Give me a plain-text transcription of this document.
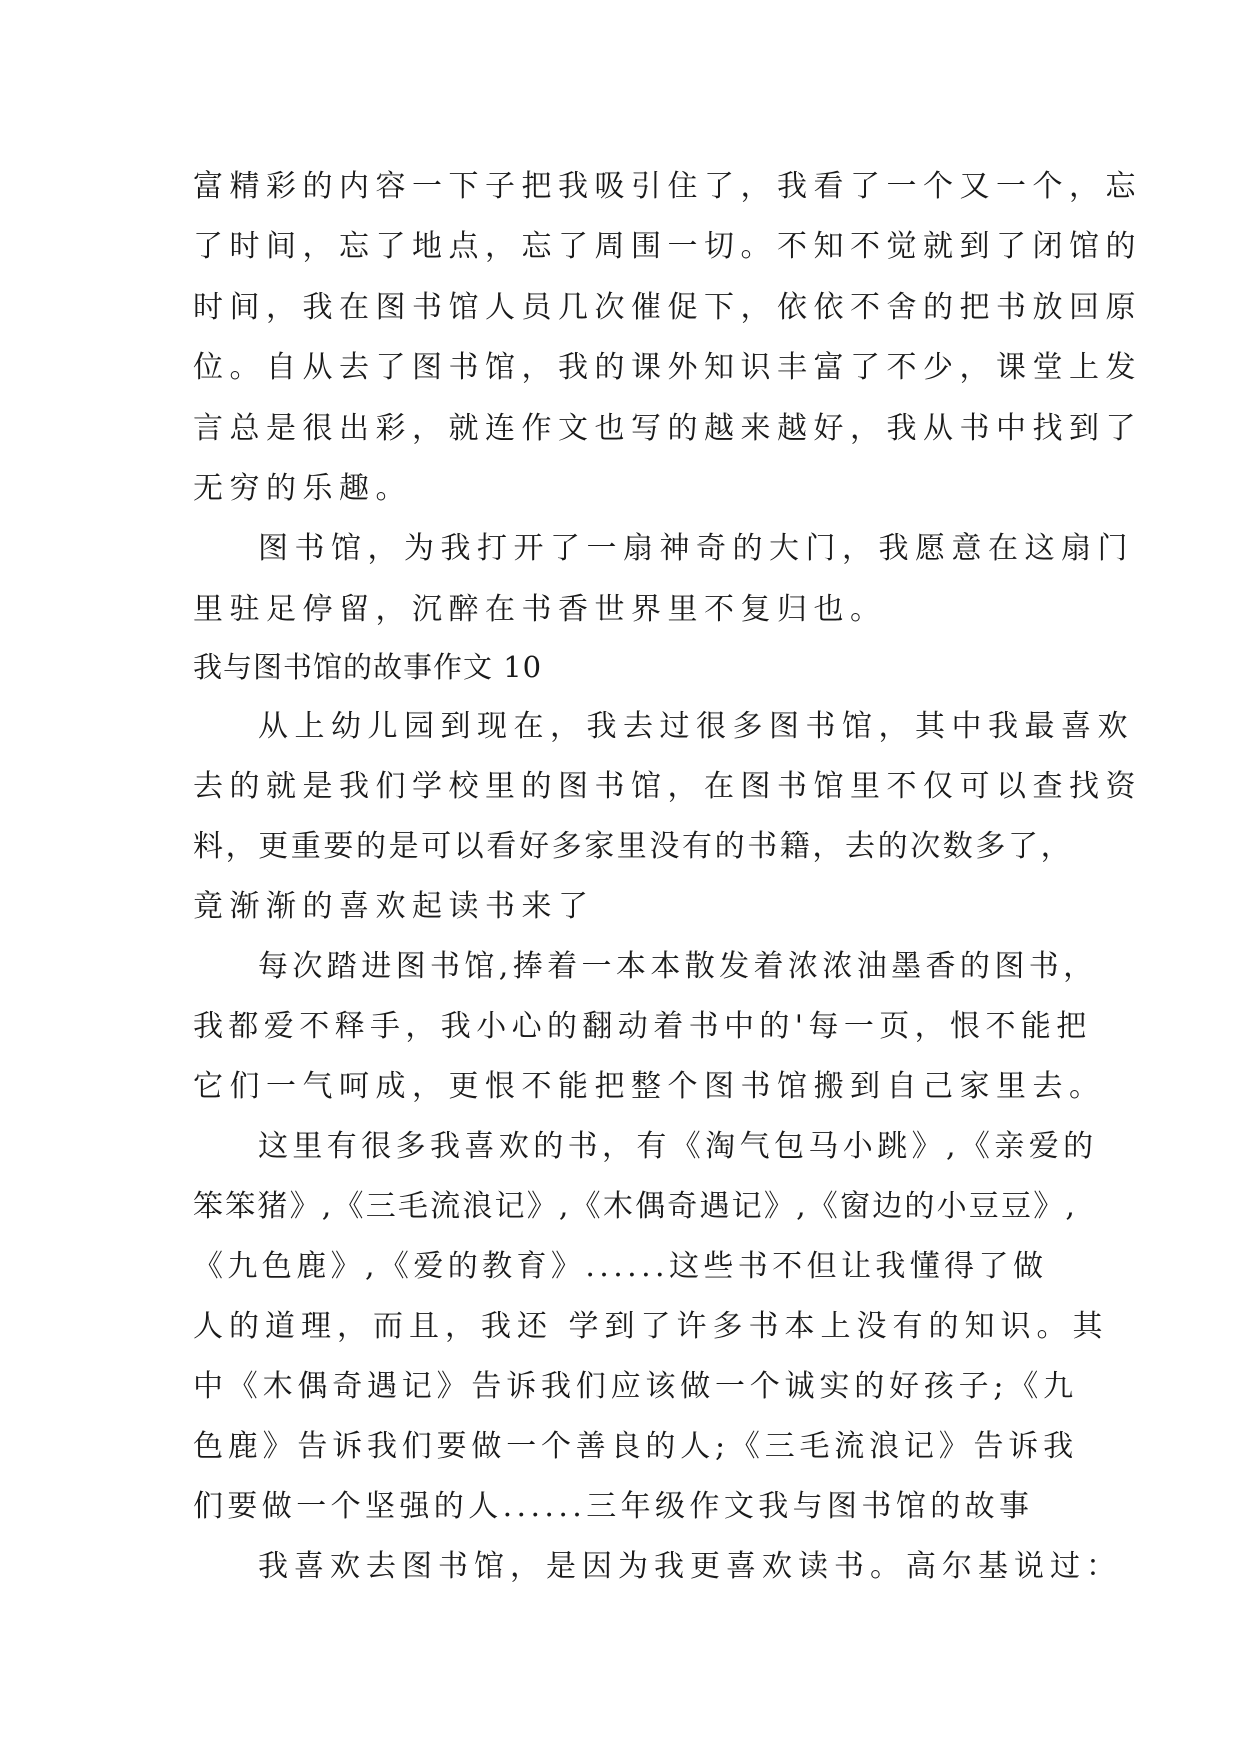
富精彩的内容一下子把我吸引住了，我看了一个又一个，忘
了时间，忘了地点，忘了周围一切。不知不觉就到了闭馆的
时间，我在图书馆人员几次催促下，依依不舍的把书放回原
位。自从去了图书馆，我的课外知识丰富了不少，课堂上发
言总是很出彩，就连作文也写的越来越好，我从书中找到了
无穷的乐趣。
图书馆，为我打开了一扇神奇的大门，我愿意在这扇门
里驻足停留，沉醉在书香世界里不复归也。
我与图书馆的故事作文 10
从上幼儿园到现在，我去过很多图书馆，其中我最喜欢
去的就是我们学校里的图书馆，在图书馆里不仅可以查找资
料，更重要的是可以看好多家里没有的书籍，去的次数多了，
竟渐渐的喜欢起读书来了
每次踏进图书馆,捧着一本本散发着浓浓油墨香的图书，
我都爱不释手，我小心的翻动着书中的'每一页，恨不能把
它们一气呵成，更恨不能把整个图书馆搬到自己家里去。
这里有很多我喜欢的书，有《淘气包马小跳》,《亲爱的
笨笨猪》,《三毛流浪记》,《木偶奇遇记》,《窗边的小豆豆》,
《九色鹿》,《爱的教育》......这些书不但让我懂得了做
人的道理，而且，我还 学到了许多书本上没有的知识。其
中《木偶奇遇记》告诉我们应该做一个诚实的好孩子;《九
色鹿》告诉我们要做一个善良的人;《三毛流浪记》告诉我
们要做一个坚强的人......三年级作文我与图书馆的故事
我喜欢去图书馆，是因为我更喜欢读书。高尔基说过：
